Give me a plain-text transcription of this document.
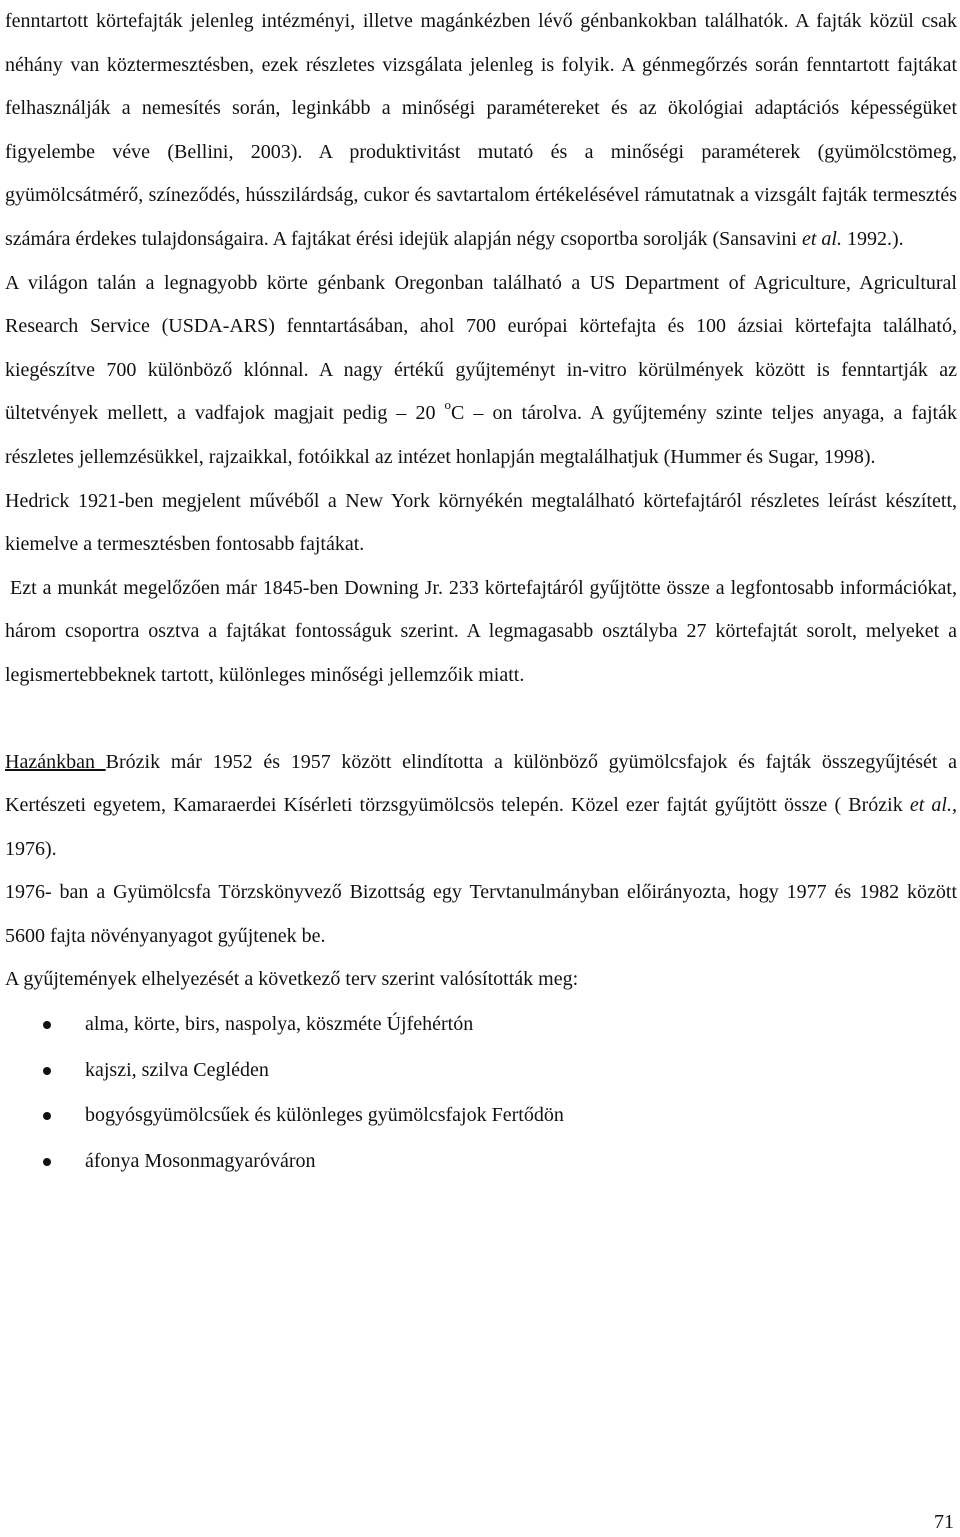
fenntartott körtefajták jelenleg intézményi, illetve magánkézben lévő génbankokban találhatók. A fajták közül csak néhány van köztermesztésben, ezek részletes vizsgálata jelenleg is folyik. A génmegőrzés során fenntartott fajtákat felhasználják a nemesítés során, leginkább a minőségi paramétereket és az ökológiai adaptációs képességüket figyelembe véve (Bellini, 2003). A produktivitást mutató és a minőségi paraméterek (gyümölcstömeg, gyümölcsátmérő, színeződés, hússzilárdság, cukor és savtartalom értékelésével rámutatnak a vizsgált fajták termesztés számára érdekes tulajdonságaira. A fajtákat érési idejük alapján négy csoportba sorolják (Sansavini et al. 1992.).

A világon talán a legnagyobb körte génbank Oregonban található a US Department of Agriculture, Agricultural Research Service (USDA-ARS) fenntartásában, ahol 700 európai körtefajta és 100 ázsiai körtefajta található, kiegészítve 700 különböző klónnal. A nagy értékű gyűjteményt in-vitro körülmények között is fenntartják az ültetvények mellett, a vadfajok magjait pedig – 20 $^o$C – on tárolva. A gyűjtemény szinte teljes anyaga, a fajták részletes jellemzésükkel, rajzaikkal, fotóikkal az intézet honlapján megtalálhatjuk (Hummer és Sugar, 1998).

Hedrick 1921-ben megjelent művéből a New York környékén megtalálható körtefajtáról részletes leírást készített, kiemelve a termesztésben fontosabb fajtákat.

Ezt a munkát megelőzően már 1845-ben Downing Jr. 233 körtefajtáról gyűjtötte össze a legfontosabb információkat, három csoportra osztva a fajtákat fontosságuk szerint. A legmagasabb osztályba 27 körtefajtát sorolt, melyeket a legismertebbeknek tartott, különleges minőségi jellemzőik miatt.

Hazánkban Brózik már 1952 és 1957 között elindította a különböző gyümölcsfajok és fajták összegyűjtését a Kertészeti egyetem, Kamaraerdei Kísérleti törzsgyümölcsös telepén. Közel ezer fajtát gyűjtött össze ( Brózik et al., 1976).

1976- ban a Gyümölcsfa Törzskönyvező Bizottság egy Tervtanulmányban előirányozta, hogy 1977 és 1982 között 5600 fajta növényanyagot gyűjtenek be.

A gyűjtemények elhelyezését a következő terv szerint valósították meg:

alma, körte, birs, naspolya, köszméte Újfehértón
kajszi, szilva Cegléden
bogyósgyümölcsűek és különleges gyümölcsfajok Fertődön
áfonya Mosonmagyaróváron
71
